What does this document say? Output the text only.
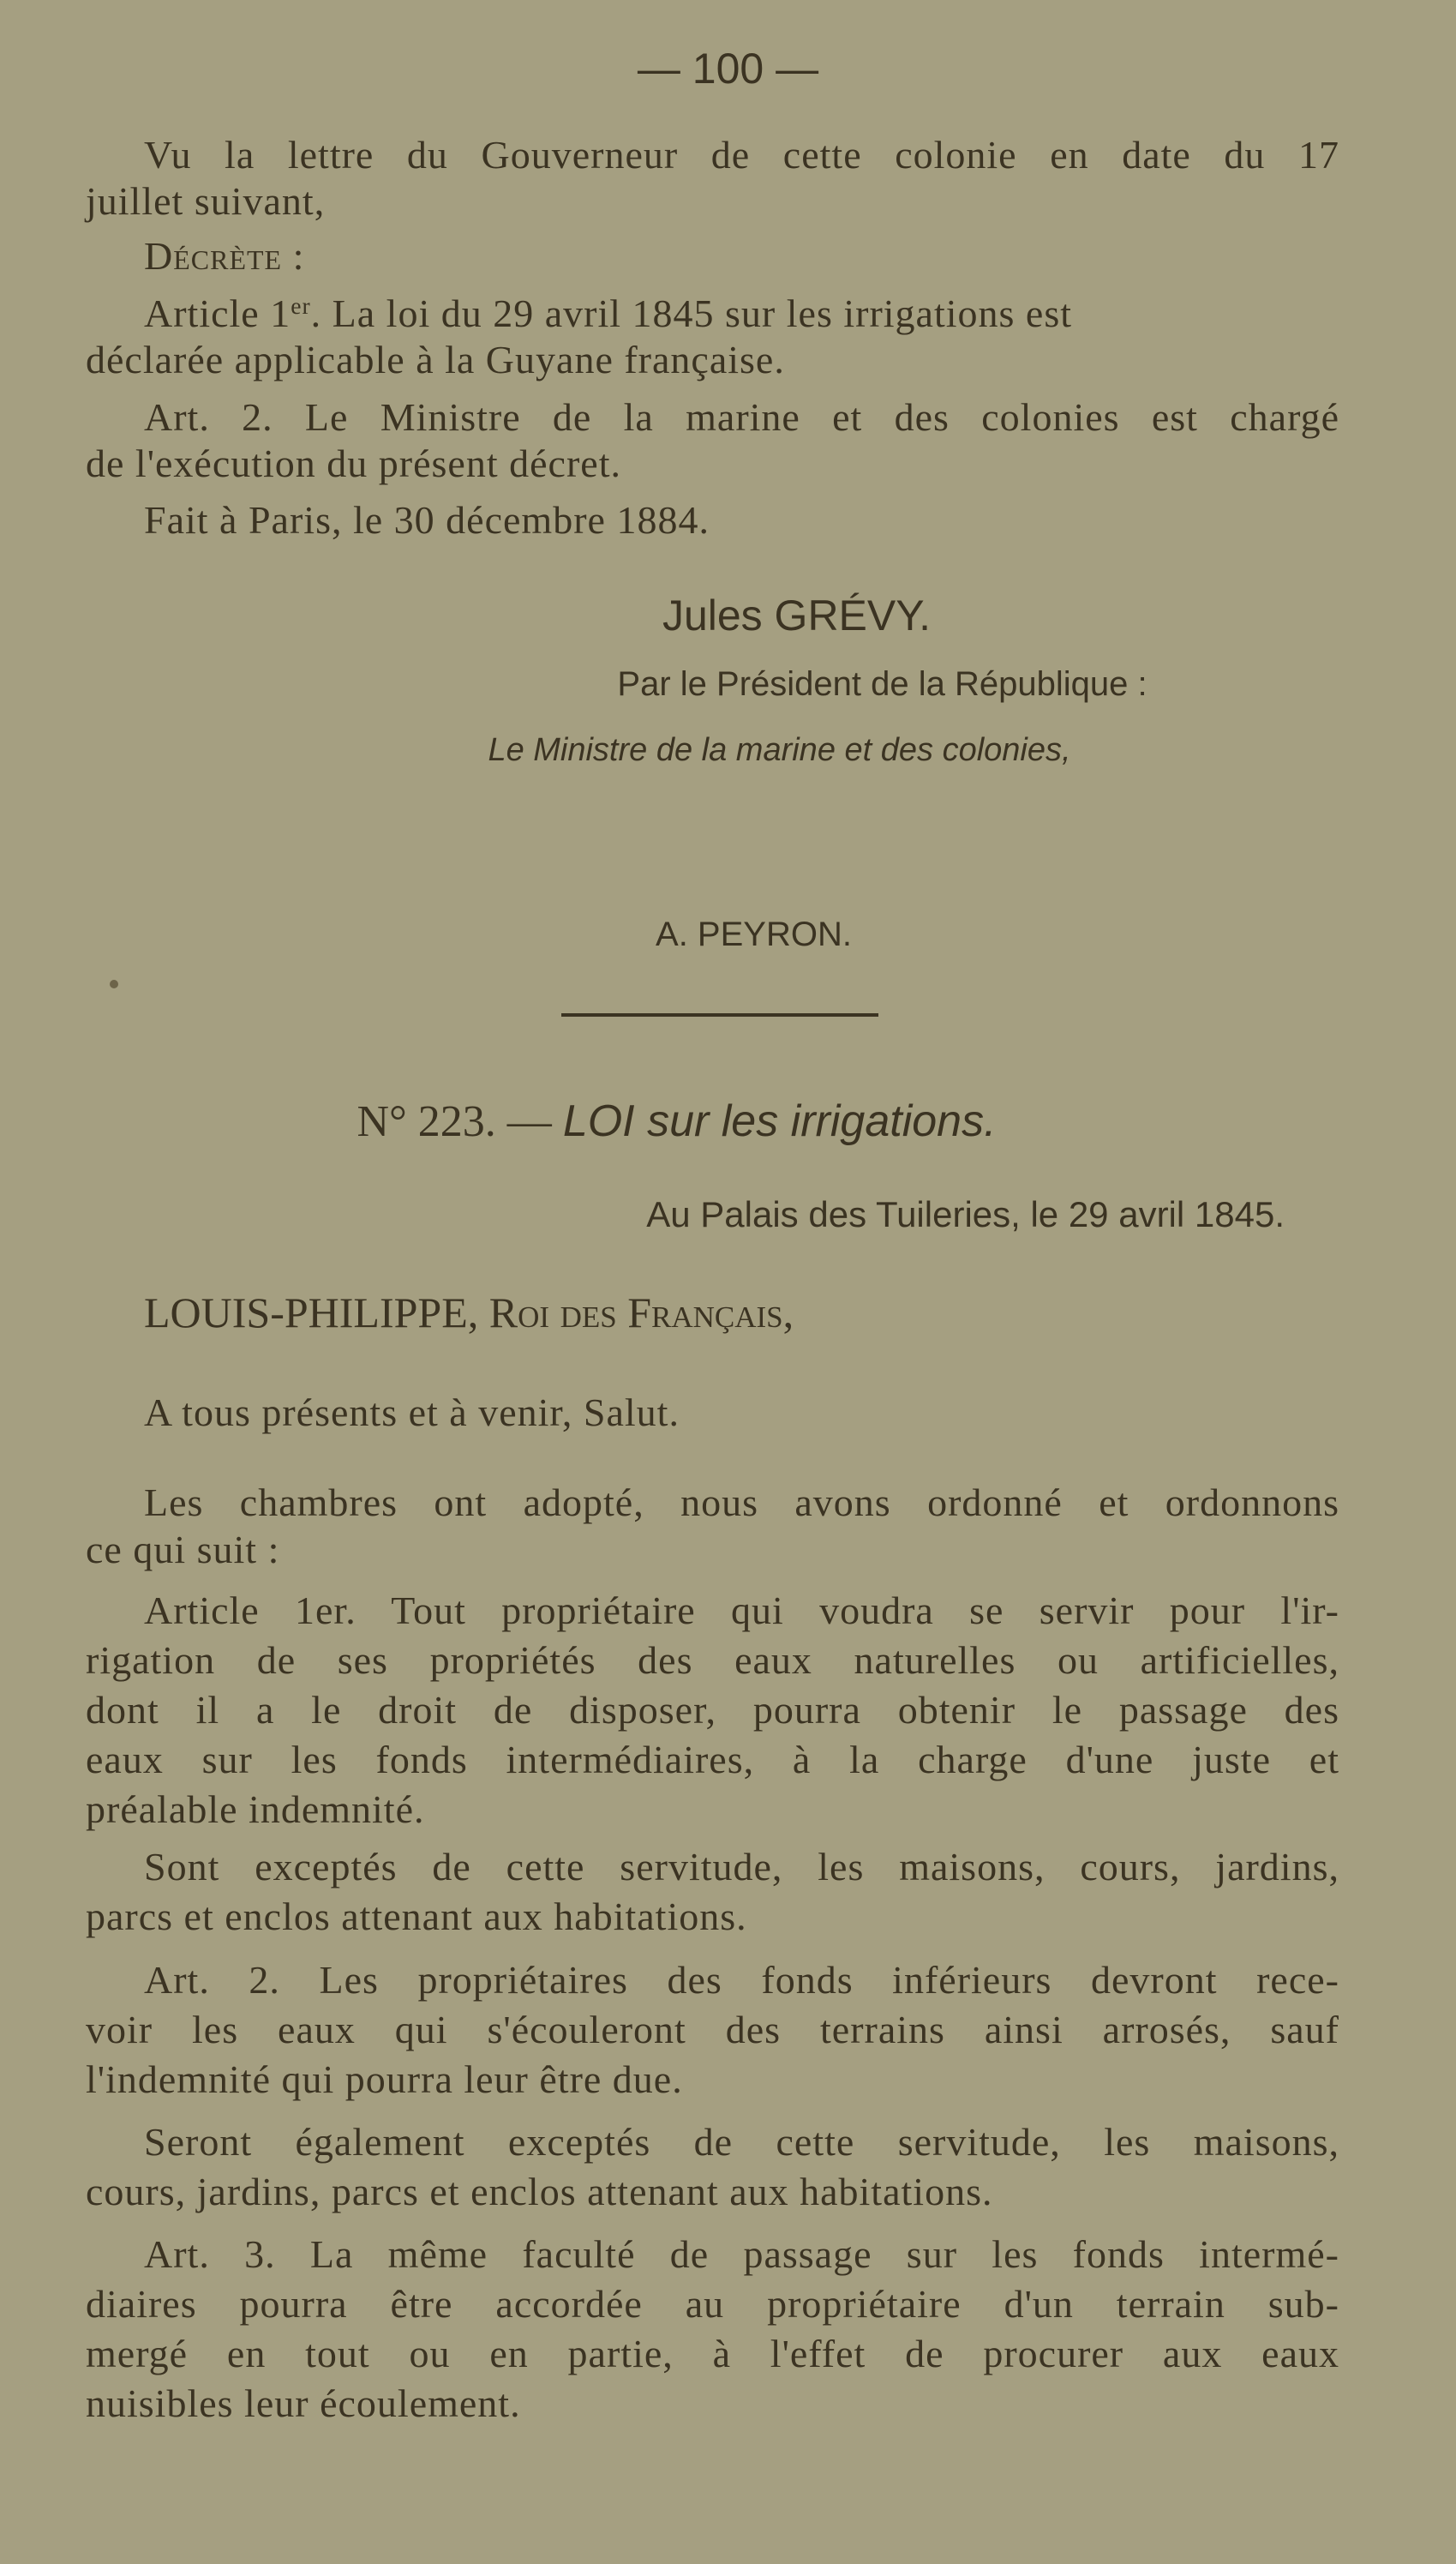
— 100 —
Vu la lettre du Gouverneur de cette colonie en date du 17
juillet suivant,
Décrète :
Article 1er. La loi du 29 avril 1845 sur les irrigations est
déclarée applicable à la Guyane française.
Art. 2. Le Ministre de la marine et des colonies est chargé
de l'exécution du présent décret.
Fait à Paris, le 30 décembre 1884.
Jules GRÉVY.
Par le Président de la République :
Le Ministre de la marine et des colonies,
A. PEYRON.
N° 223. — LOI sur les irrigations.
Au Palais des Tuileries, le 29 avril 1845.
LOUIS-PHILIPPE, Roi des Français,
A tous présents et à venir, Salut.
Les chambres ont adopté, nous avons ordonné et ordonnons
ce qui suit :
Article 1er. Tout propriétaire qui voudra se servir pour l'ir-
rigation de ses propriétés des eaux naturelles ou artificielles,
dont il a le droit de disposer, pourra obtenir le passage des
eaux sur les fonds intermédiaires, à la charge d'une juste et
préalable indemnité.
Sont exceptés de cette servitude, les maisons, cours, jardins,
parcs et enclos attenant aux habitations.
Art. 2. Les propriétaires des fonds inférieurs devront rece-
voir les eaux qui s'écouleront des terrains ainsi arrosés, sauf
l'indemnité qui pourra leur être due.
Seront également exceptés de cette servitude, les maisons,
cours, jardins, parcs et enclos attenant aux habitations.
Art. 3. La même faculté de passage sur les fonds intermé-
diaires pourra être accordée au propriétaire d'un terrain sub-
mergé en tout ou en partie, à l'effet de procurer aux eaux
nuisibles leur écoulement.
